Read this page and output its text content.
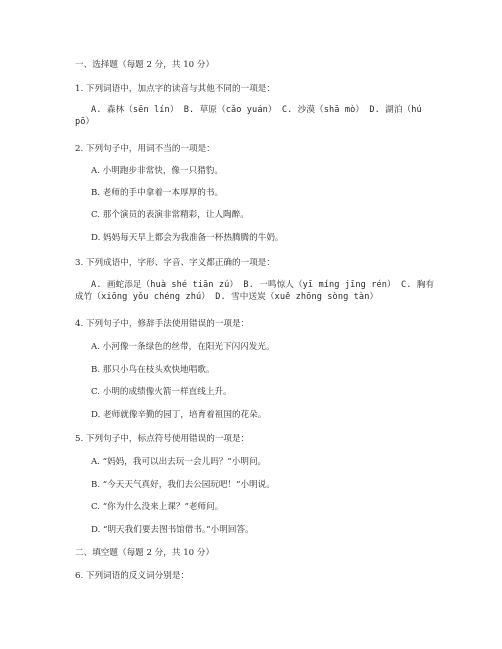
一、选择题（每题 2 分，共 10 分）
1. 下列词语中，加点字的读音与其他不同的一项是：
A. 森林（sēn lín） B. 草原（cǎo yuán） C. 沙漠（shā mò） D. 湖泊（hú pō）
2. 下列句子中，用词不当的一项是：
A. 小明跑步非常快，像一只猎豹。
B. 老师的手中拿着一本厚厚的书。
C. 那个演员的表演非常精彩，让人陶醉。
D. 妈妈每天早上都会为我准备一杯热腾腾的牛奶。
3. 下列成语中，字形、字音、字义都正确的一项是：
A. 画蛇添足（huà shé tiān zú） B. 一鸣惊人（yī míng jīng rén） C. 胸有成竹（xiōng yǒu chéng zhú） D. 雪中送炭（xuě zhōng sòng tàn）
4. 下列句子中，修辞手法使用错误的一项是：
A. 小河像一条绿色的丝带，在阳光下闪闪发光。
B. 那只小鸟在枝头欢快地唱歌。
C. 小明的成绩像火箭一样直线上升。
D. 老师就像辛勤的园丁，培育着祖国的花朵。
5. 下列句子中，标点符号使用错误的一项是：
A. “妈妈，我可以出去玩一会儿吗？”小明问。
B. “今天天气真好，我们去公园玩吧！”小明说。
C. “你为什么没来上课？”老师问。
D. “明天我们要去图书馆借书。”小明回答。
二、填空题（每题 2 分，共 10 分）
6. 下列词语的反义词分别是：
